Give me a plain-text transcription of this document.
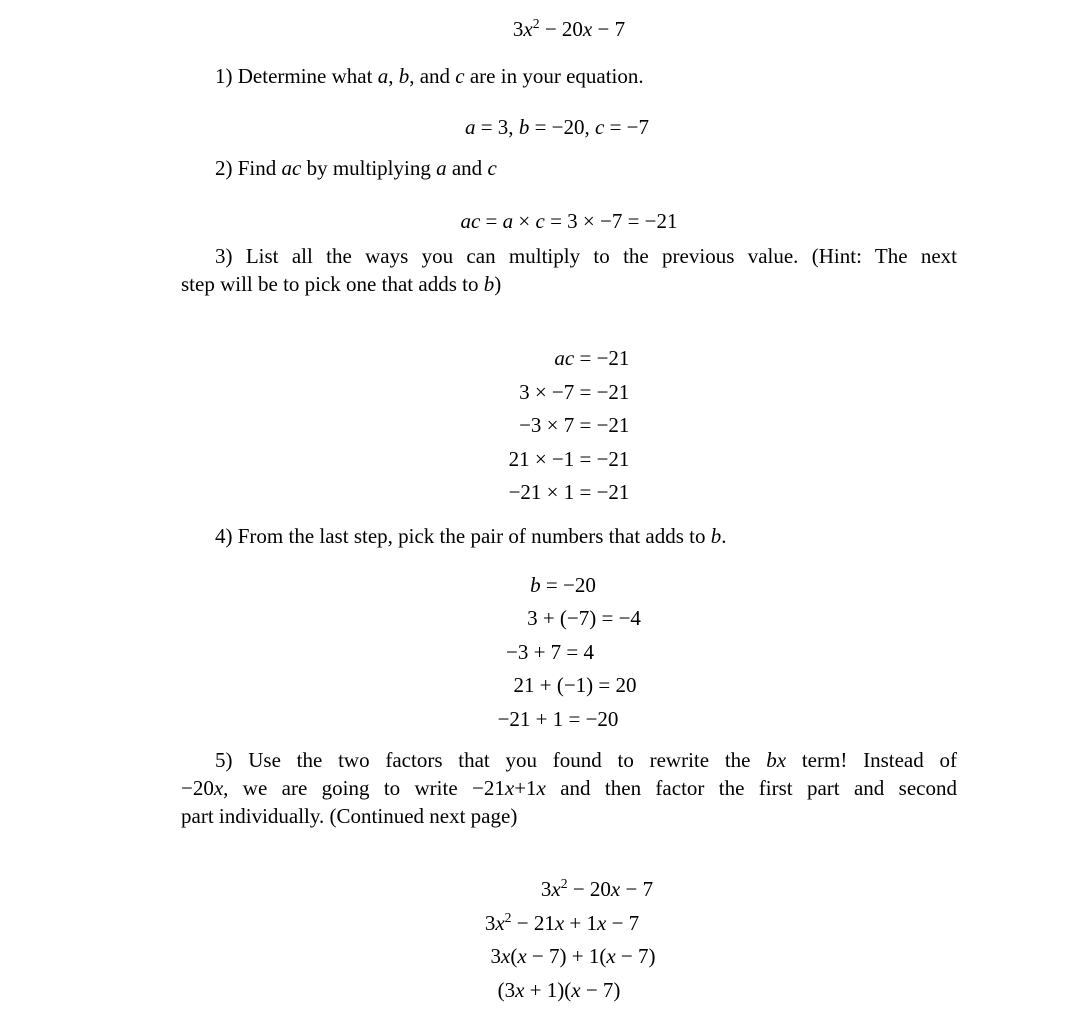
$3x^2 - 20x - 7$

1) Determine what a, b, and c are in your equation.

a = 3, b = −20, c = −7

2) Find ac by multiplying a and c

ac = a × c = 3 × −7 = −21
3) List all the ways you can multiply to the previous value. (Hint: The next
step will be to pick one that adds to b)
ac = −21
3 × −7 = −21
−3 × 7 = −21
21 × −1 = −21
−21 × 1 = −21

4) From the last step, pick the pair of numbers that adds to b.

b = −20
3 + (−7) = −4
−3 + 7 = 4
21 + (−1) = 20
−21 + 1 = −20
5) Use the two factors that you found to rewrite the bx term! Instead of
−20x, we are going to write −21x+1x and then factor the first part and second
part individually. (Continued next page)
$3x^2 - 20x - 7$
$3x^2 - 21x + 1x - 7$
3x(x − 7) + 1(x − 7)
(3x + 1)(x − 7)
